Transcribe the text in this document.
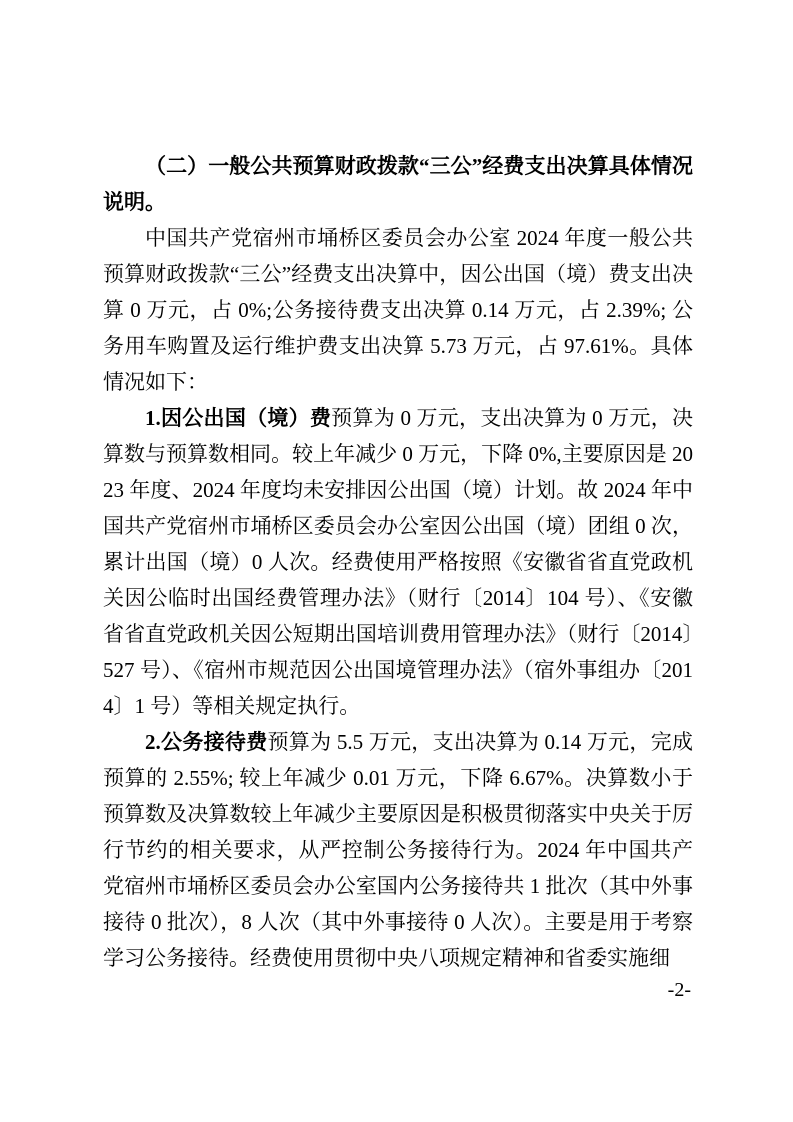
（二）一般公共预算财政拨款“三公”经费支出决算具体情况说明。

中国共产党宿州市埇桥区委员会办公室 2024 年度一般公共预算财政拨款“三公”经费支出决算中，因公出国（境）费支出决算 0 万元，占 0%;公务接待费支出决算 0.14 万元，占 2.39%; 公务用车购置及运行维护费支出决算 5.73 万元，占 97.61%。具体情况如下：

1.因公出国（境）费预算为 0 万元，支出决算为 0 万元，决算数与预算数相同。较上年减少 0 万元，下降 0%,主要原因是 2023 年度、2024 年度均未安排因公出国（境）计划。故 2024 年中国共产党宿州市埇桥区委员会办公室因公出国（境）团组 0 次，累计出国（境）0 人次。经费使用严格按照《安徽省省直党政机关因公临时出国经费管理办法》（财行〔2014〕104 号）、《安徽省省直党政机关因公短期出国培训费用管理办法》（财行〔2014〕527 号）、《宿州市规范因公出国境管理办法》（宿外事组办〔2014〕1 号）等相关规定执行。

2.公务接待费预算为 5.5 万元，支出决算为 0.14 万元，完成预算的 2.55%; 较上年减少 0.01 万元，下降 6.67%。决算数小于预算数及决算数较上年减少主要原因是积极贯彻落实中央关于厉行节约的相关要求，从严控制公务接待行为。2024 年中国共产党宿州市埇桥区委员会办公室国内公务接待共 1 批次（其中外事接待 0 批次），8 人次（其中外事接待 0 人次）。主要是用于考察学习公务接待。经费使用贯彻中央八项规定精神和省委实施细

-2-
